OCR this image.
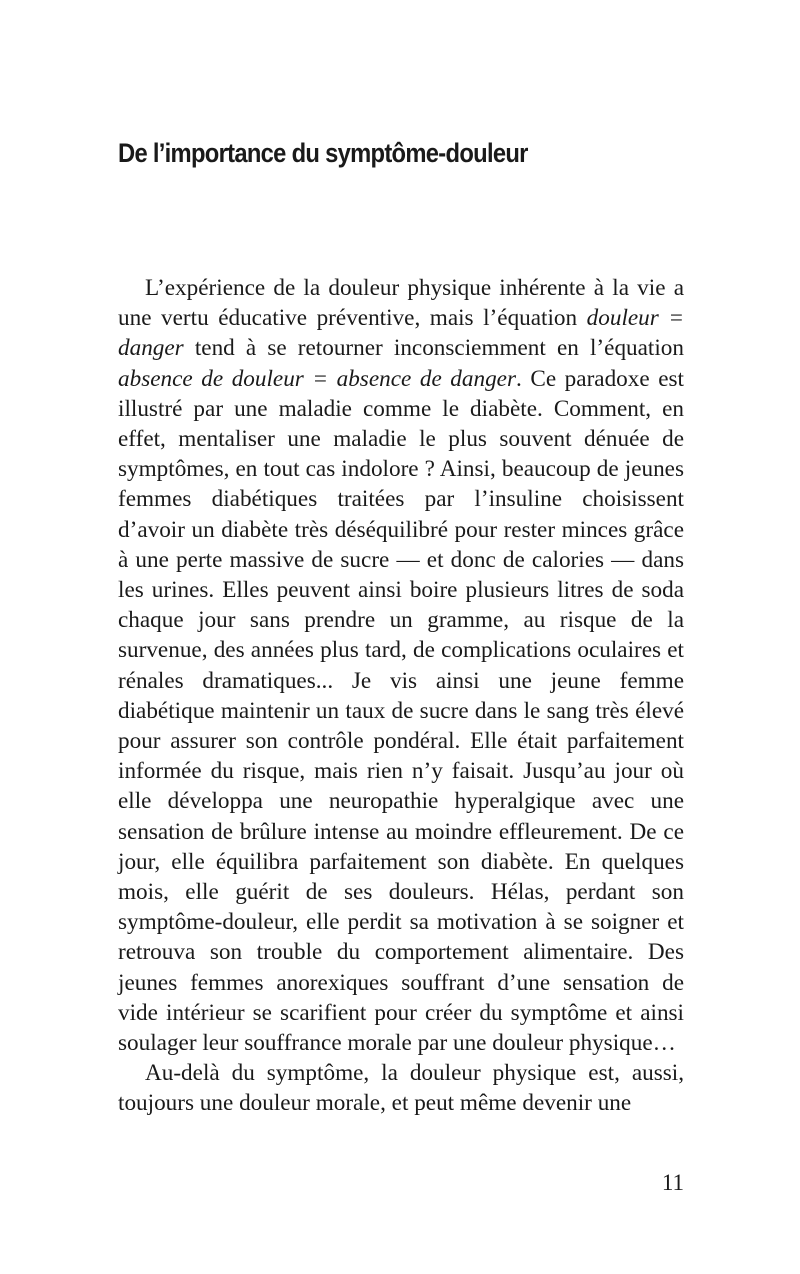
De l’importance du symptôme-douleur

L’expérience de la douleur physique inhérente à la vie a une vertu éducative préventive, mais l’équation douleur = danger tend à se retourner inconsciemment en l’équation absence de douleur = absence de danger. Ce paradoxe est illustré par une maladie comme le diabète. Comment, en effet, mentaliser une maladie le plus souvent dénuée de symptômes, en tout cas indolore ? Ainsi, beaucoup de jeunes femmes diabétiques traitées par l’insuline choisissent d’avoir un diabète très déséquilibré pour rester minces grâce à une perte massive de sucre — et donc de calories — dans les urines. Elles peuvent ainsi boire plusieurs litres de soda chaque jour sans prendre un gramme, au risque de la survenue, des années plus tard, de complications oculaires et rénales dramatiques... Je vis ainsi une jeune femme diabétique maintenir un taux de sucre dans le sang très élevé pour assurer son contrôle pondéral. Elle était parfaitement informée du risque, mais rien n’y faisait. Jusqu’au jour où elle développa une neuropathie hyperalgique avec une sensation de brûlure intense au moindre effleurement. De ce jour, elle équilibra parfaitement son diabète. En quelques mois, elle guérit de ses douleurs. Hélas, perdant son symptôme-douleur, elle perdit sa motivation à se soigner et retrouva son trouble du comportement alimentaire. Des jeunes femmes anorexiques souffrant d’une sensation de vide intérieur se scarifient pour créer du symptôme et ainsi soulager leur souffrance morale par une douleur physique…

Au-delà du symptôme, la douleur physique est, aussi, toujours une douleur morale, et peut même devenir une

11
